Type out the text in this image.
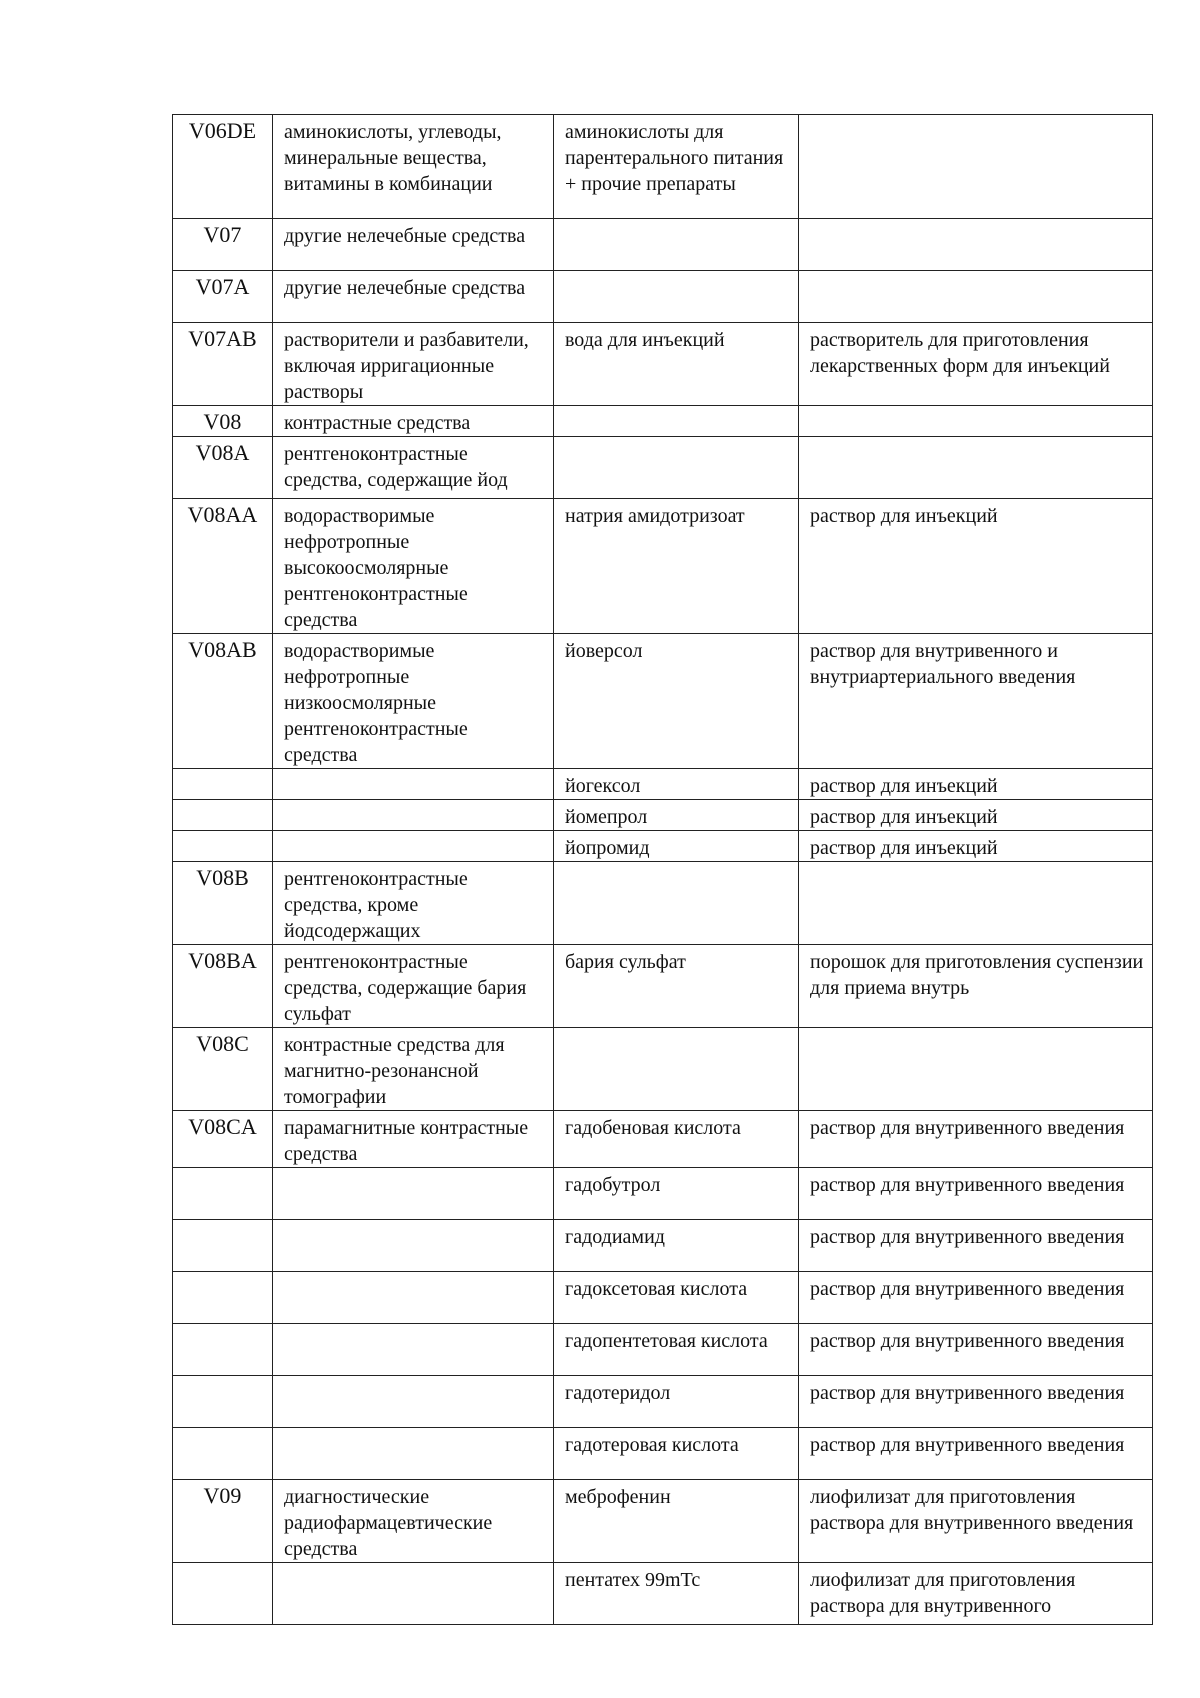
V06DE	аминокислоты, углеводы, минеральные вещества, витамины в комбинации	аминокислоты для парентерального питания + прочие препараты	
V07	другие нелечебные средства		
V07A	другие нелечебные средства		
V07AB	растворители и разбавители, включая ирригационные растворы	вода для инъекций	растворитель для приготовления лекарственных форм для инъекций
V08	контрастные средства		
V08A	рентгеноконтрастные средства, содержащие йод		
V08AA	водорастворимые нефротропные высокоосмолярные рентгеноконтрастные средства	натрия амидотризоат	раствор для инъекций
V08AB	водорастворимые нефротропные низкоосмолярные рентгеноконтрастные средства	йоверсол	раствор для внутривенного и внутриартериального введения
		йогексол	раствор для инъекций
		йомепрол	раствор для инъекций
		йопромид	раствор для инъекций
V08B	рентгеноконтрастные средства, кроме йодсодержащих		
V08BA	рентгеноконтрастные средства, содержащие бария сульфат	бария сульфат	порошок для приготовления суспензии для приема внутрь
V08C	контрастные средства для магнитно-резонансной томографии		
V08CA	парамагнитные контрастные средства	гадобеновая кислота	раствор для внутривенного введения
		гадобутрол	раствор для внутривенного введения
		гадодиамид	раствор для внутривенного введения
		гадоксетовая кислота	раствор для внутривенного введения
		гадопентетовая кислота	раствор для внутривенного введения
		гадотеридол	раствор для внутривенного введения
		гадотеровая кислота	раствор для внутривенного введения
V09	диагностические радиофармацевтические средства	меброфенин	лиофилизат для приготовления раствора для внутривенного введения
		пентатех 99mTc	лиофилизат для приготовления раствора для внутривенного
